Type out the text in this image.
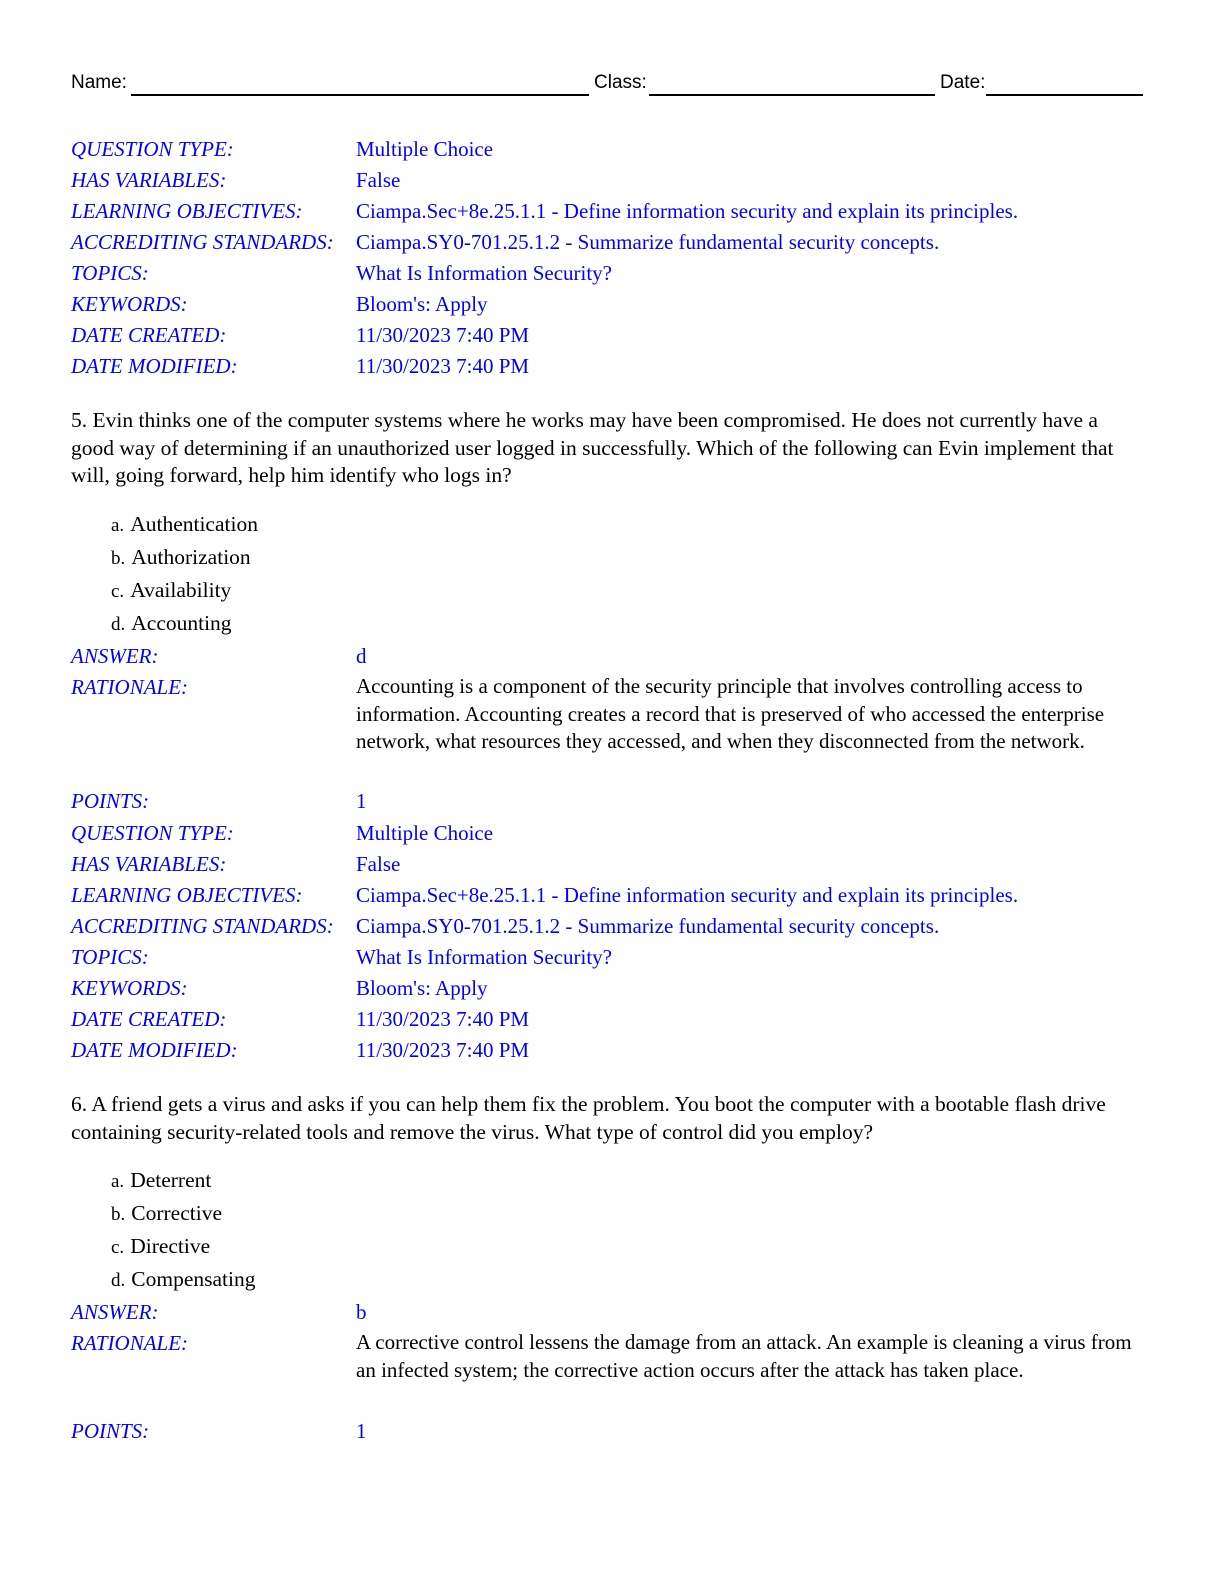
Name:	Class:	Date:
QUESTION TYPE:	Multiple Choice
HAS VARIABLES:	False
LEARNING OBJECTIVES:	Ciampa.Sec+8e.25.1.1 - Define information security and explain its principles.
ACCREDITING STANDARDS: Ciampa.SY0-701.25.1.2 - Summarize fundamental security concepts.
TOPICS:	What Is Information Security?
KEYWORDS:	Bloom's: Apply
DATE CREATED:	11/30/2023 7:40 PM
DATE MODIFIED:	11/30/2023 7:40 PM
5. Evin thinks one of the computer systems where he works may have been compromised. He does not currently have a good way of determining if an unauthorized user logged in successfully. Which of the following can Evin implement that will, going forward, help him identify who logs in?
a. Authentication
b. Authorization
c. Availability
d. Accounting
ANSWER:	d
RATIONALE:	Accounting is a component of the security principle that involves controlling access to information. Accounting creates a record that is preserved of who accessed the enterprise network, what resources they accessed, and when they disconnected from the network.
POINTS:	1
QUESTION TYPE:	Multiple Choice
HAS VARIABLES:	False
LEARNING OBJECTIVES:	Ciampa.Sec+8e.25.1.1 - Define information security and explain its principles.
ACCREDITING STANDARDS: Ciampa.SY0-701.25.1.2 - Summarize fundamental security concepts.
TOPICS:	What Is Information Security?
KEYWORDS:	Bloom's: Apply
DATE CREATED:	11/30/2023 7:40 PM
DATE MODIFIED:	11/30/2023 7:40 PM
6. A friend gets a virus and asks if you can help them fix the problem. You boot the computer with a bootable flash drive containing security-related tools and remove the virus. What type of control did you employ?
a. Deterrent
b. Corrective
c. Directive
d. Compensating
ANSWER:	b
RATIONALE:	A corrective control lessens the damage from an attack. An example is cleaning a virus from an infected system; the corrective action occurs after the attack has taken place.
POINTS:	1
